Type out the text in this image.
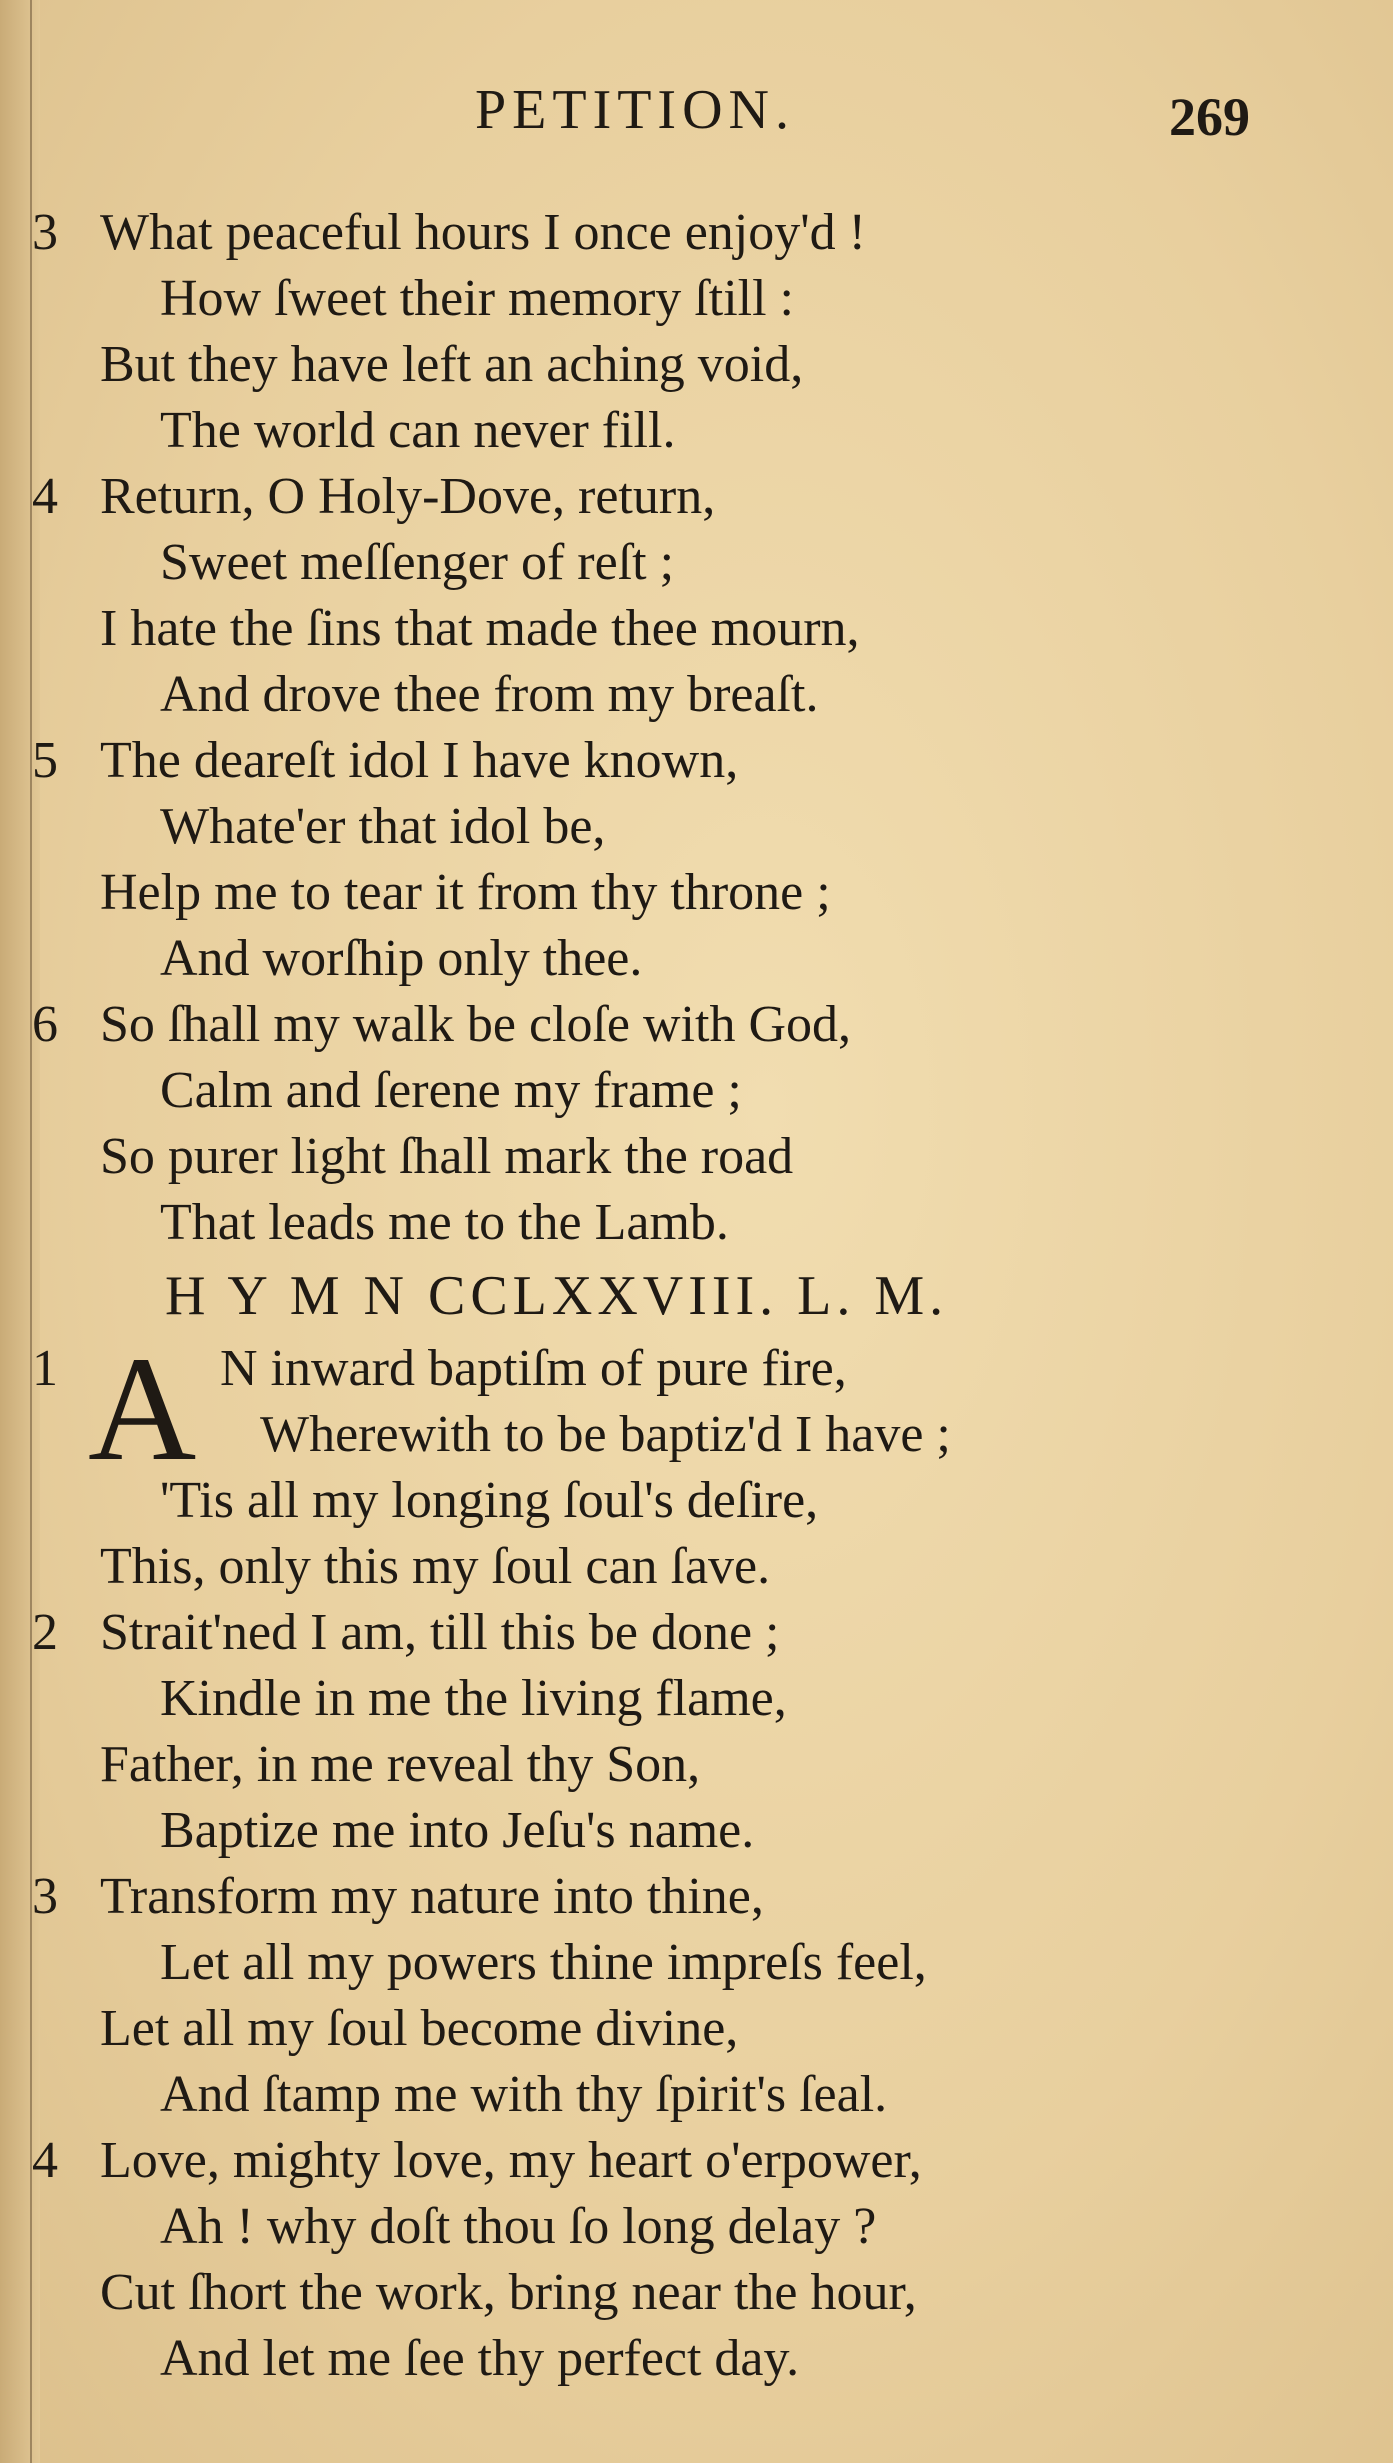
PETITION.	269
3 What peaceful hours I once enjoy'd !
How ſweet their memory ſtill :
But they have left an aching void,
The world can never fill.
4 Return, O Holy-Dove, return,
Sweet meſſenger of reſt ;
I hate the ſins that made thee mourn,
And drove thee from my breaſt.
5 The deareſt idol I have known,
Whate'er that idol be,
Help me to tear it from thy throne ;
And worſhip only thee.
6 So ſhall my walk be cloſe with God,
Calm and ſerene my frame ;
So purer light ſhall mark the road
That leads me to the Lamb.
H Y M N CCLXXVIII. L. M.
A
1	N inward baptiſm of pure fire,
Wherewith to be baptiz'd I have ;
'Tis all my longing ſoul's deſire,
This, only this my ſoul can ſave.
2 Strait'ned I am, till this be done ;
Kindle in me the living flame,
Father, in me reveal thy Son,
Baptize me into Jeſu's name.
3 Transform my nature into thine,
Let all my powers thine impreſs feel,
Let all my ſoul become divine,
And ſtamp me with thy ſpirit's ſeal.
4 Love, mighty love, my heart o'erpower,
Ah ! why doſt thou ſo long delay ?
Cut ſhort the work, bring near the hour,
And let me ſee thy perfect day.
